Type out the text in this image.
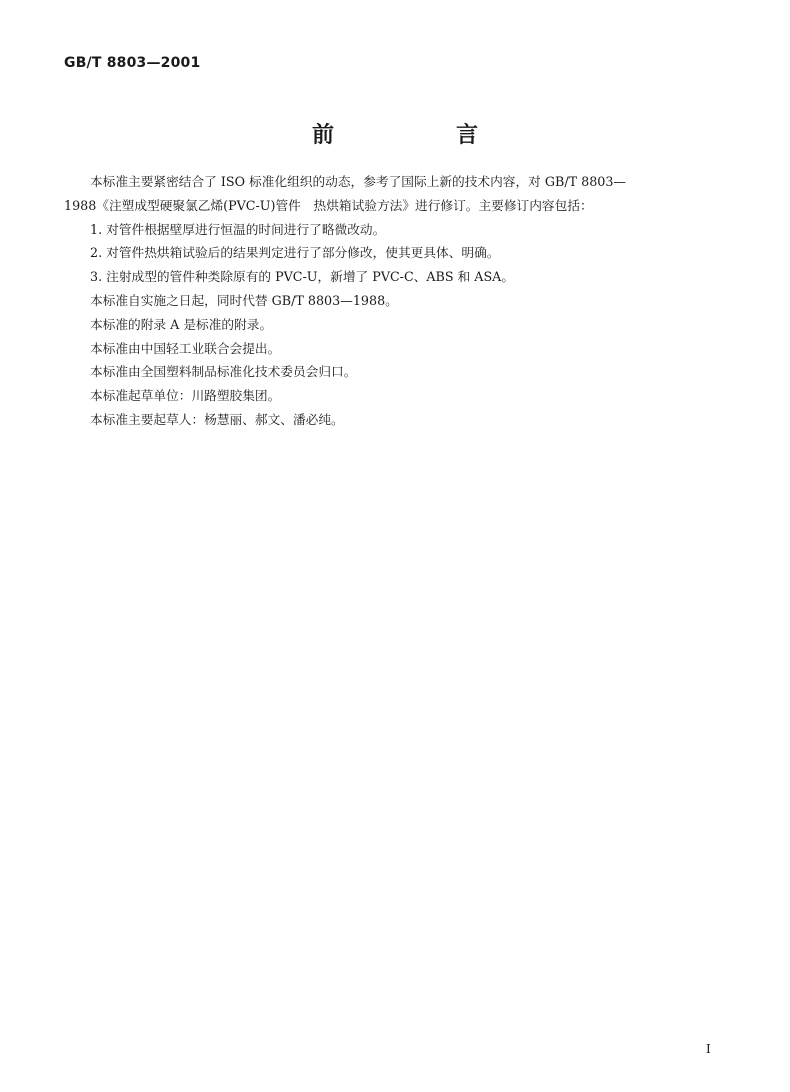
GB/T 8803—2001
前　言

本标准主要紧密结合了 ISO 标准化组织的动态，参考了国际上新的技术内容，对 GB/T 8803—

1988《注塑成型硬聚氯乙烯(PVC-U)管件　热烘箱试验方法》进行修订。主要修订内容包括：

1. 对管件根据壁厚进行恒温的时间进行了略微改动。

2. 对管件热烘箱试验后的结果判定进行了部分修改，使其更具体、明确。

3. 注射成型的管件种类除原有的 PVC-U，新增了 PVC-C、ABS 和 ASA。

本标准自实施之日起，同时代替 GB/T 8803—1988。

本标准的附录 A 是标准的附录。

本标准由中国轻工业联合会提出。

本标准由全国塑料制品标准化技术委员会归口。

本标准起草单位：川路塑胶集团。

本标准主要起草人：杨慧丽、郝文、潘必纯。

I
